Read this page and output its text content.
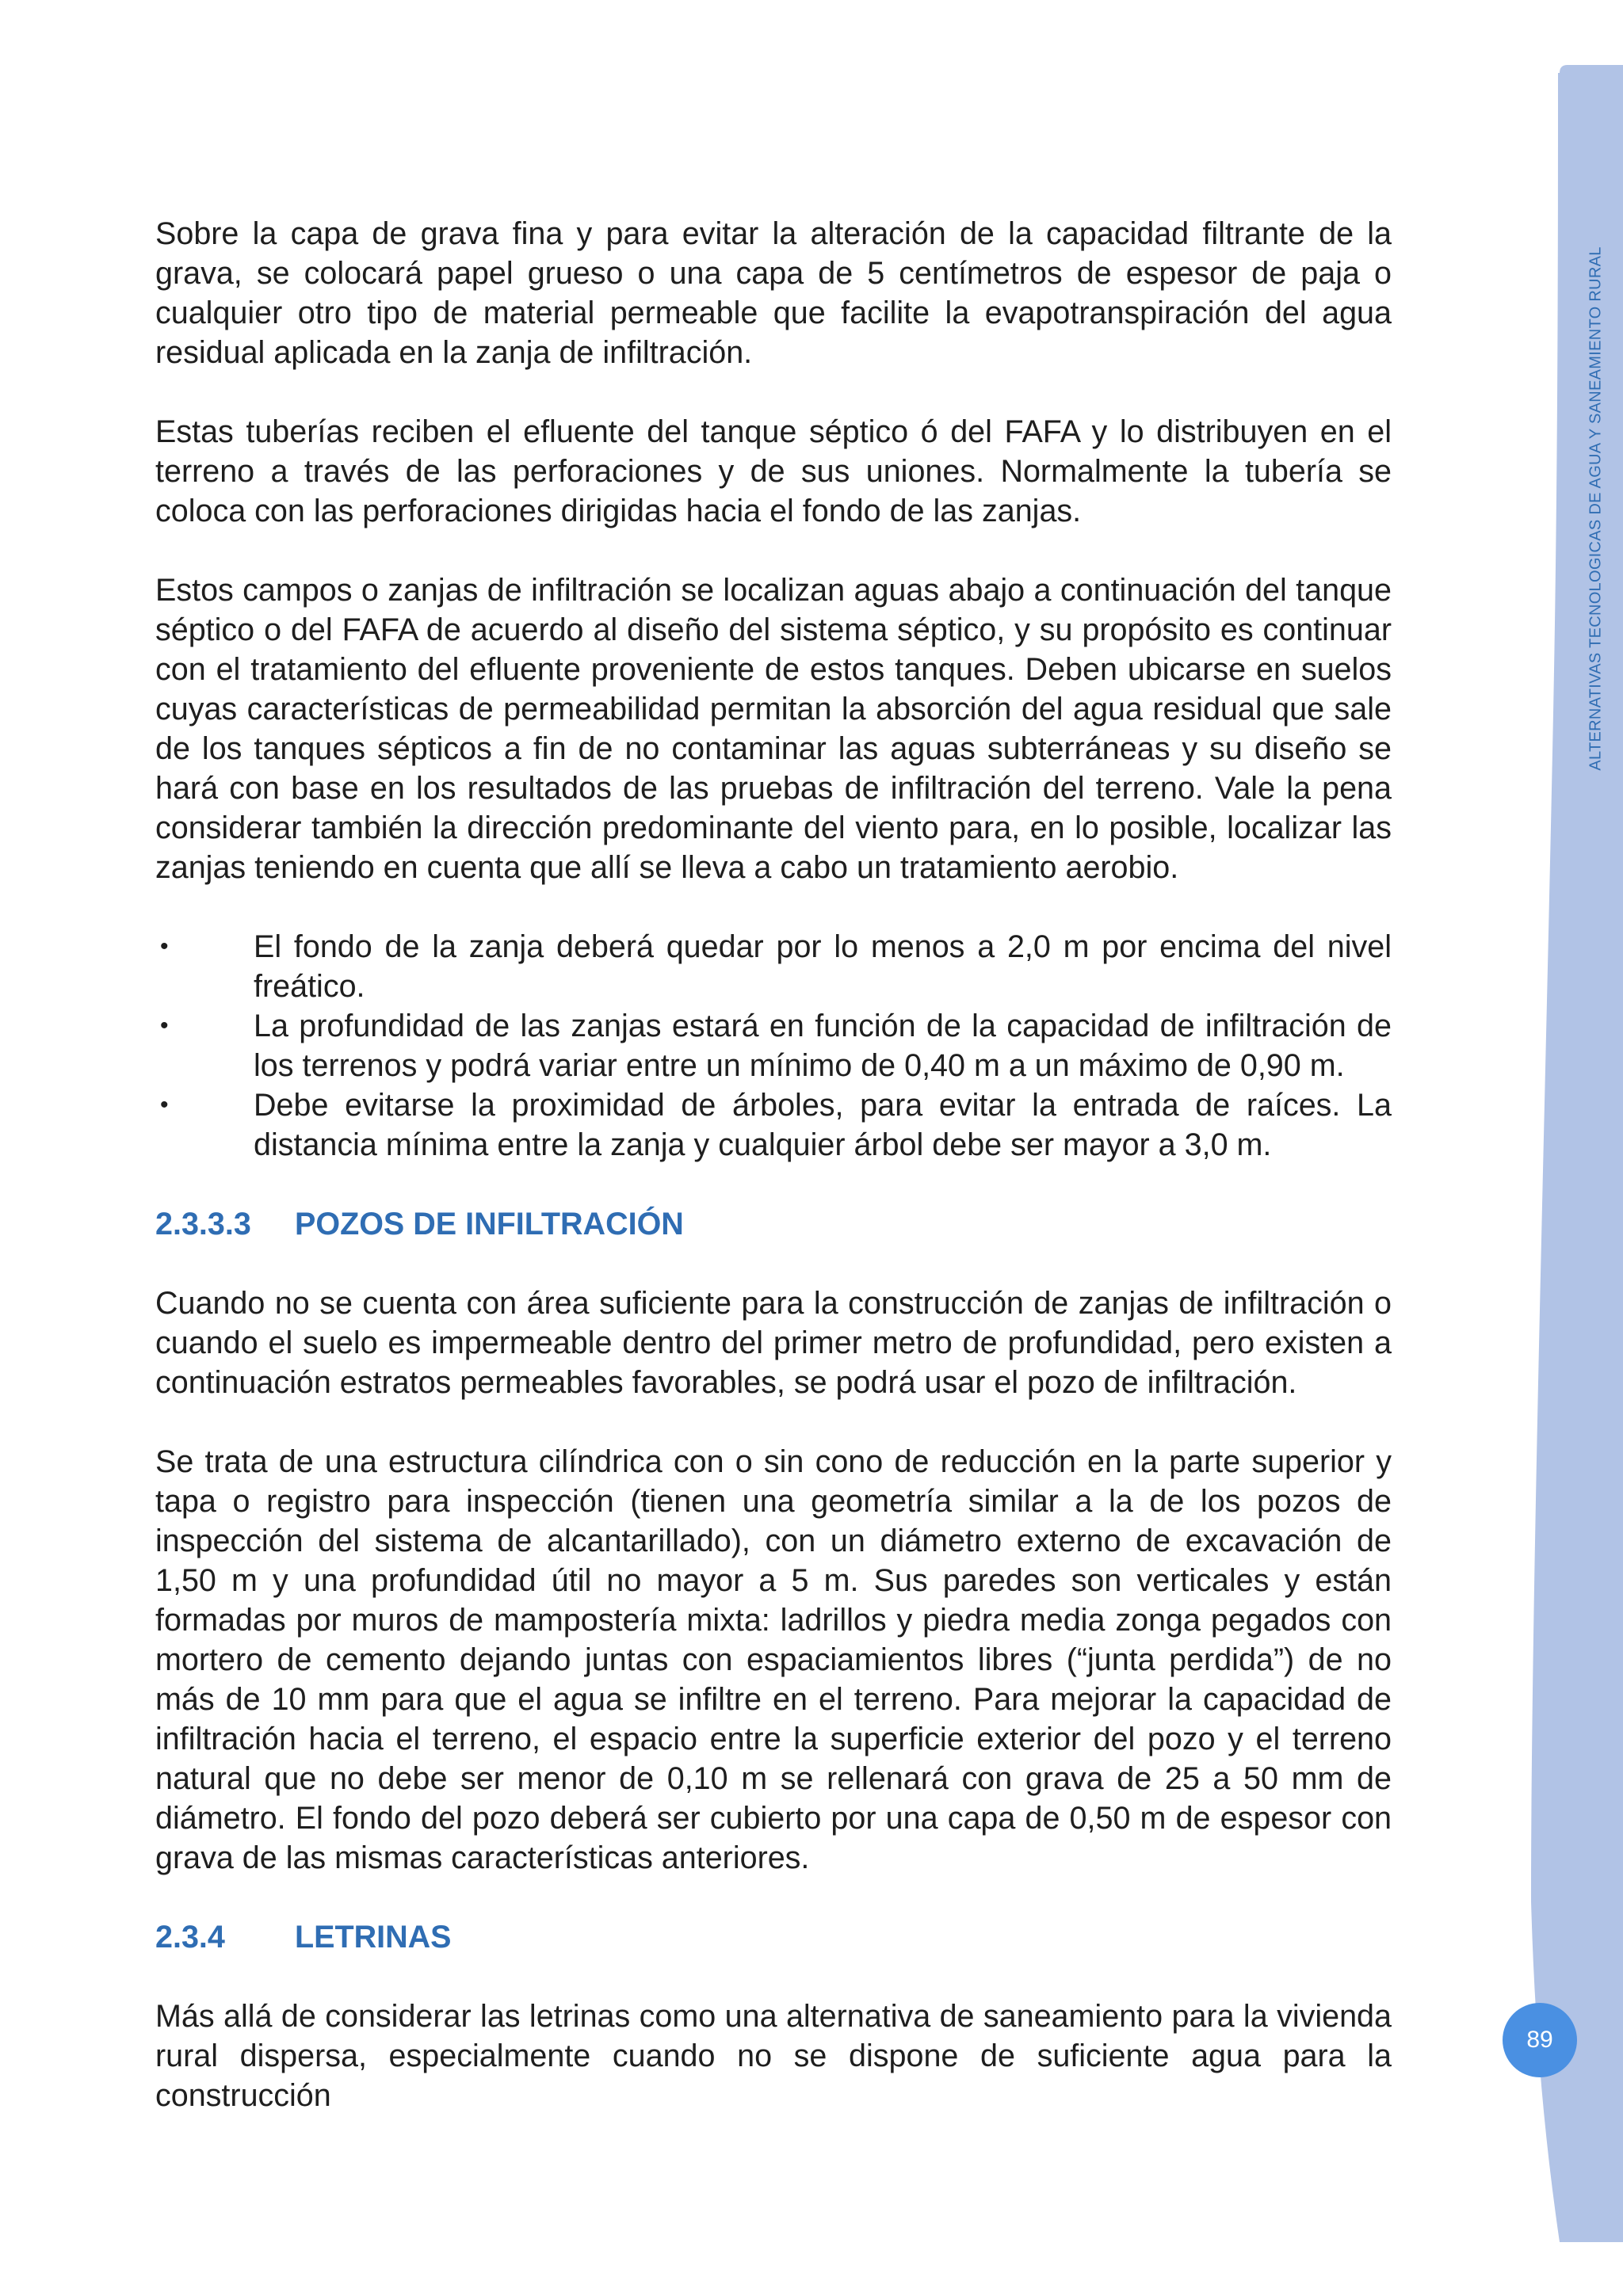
ALTERNATIVAS TECNOLOGICAS DE AGUA Y SANEAMIENTO RURAL
89

Sobre la capa de grava fina y para evitar la alteración de la capacidad filtrante de la grava, se colocará papel grueso o una capa de 5 centímetros de espesor de paja o cualquier otro tipo de material permeable que facilite la evapotranspiración del agua residual aplicada en la zanja de infiltración.

Estas tuberías reciben el efluente del tanque séptico ó del FAFA y lo distribuyen en el terreno a través de las perforaciones y de sus uniones. Normalmente la tubería se coloca con las perforaciones dirigidas hacia el fondo de las zanjas.

Estos campos o zanjas de infiltración se localizan aguas abajo a continuación del tanque séptico o del FAFA de acuerdo al diseño del sistema séptico, y su propósito es continuar con el tratamiento del efluente proveniente de estos tanques. Deben ubicarse en suelos cuyas características de permeabilidad permitan la absorción del agua residual que sale de los tanques sépticos a fin de no contaminar las aguas subterráneas y su diseño se hará con base en los resultados de las pruebas de infiltración del terreno. Vale la pena considerar también la dirección predominante del viento para, en lo posible, localizar las zanjas teniendo en cuenta que allí se lleva a cabo un tratamiento aerobio.

•	El fondo de la zanja deberá quedar por lo menos a 2,0 m por encima del nivel freático.
•	La profundidad de las zanjas estará en función de la capacidad de infiltración de los terrenos y podrá variar entre un mínimo de 0,40 m a un máximo de 0,90 m.
•	Debe evitarse la proximidad de árboles, para evitar la entrada de raíces. La distancia mínima entre la zanja y cualquier árbol debe ser mayor a 3,0 m.
2.3.3.3 POZOS DE INFILTRACIÓN

Cuando no se cuenta con área suficiente para la construcción de zanjas de infiltración o cuando el suelo es impermeable dentro del primer metro de profundidad, pero existen a continuación estratos permeables favorables, se podrá usar el pozo de infiltración.

Se trata de una estructura cilíndrica con o sin cono de reducción en la parte superior y tapa o registro para inspección (tienen una geometría similar a la de los pozos de inspección del sistema de alcantarillado), con un diámetro externo de excavación de 1,50 m y una profundidad útil no mayor a 5 m. Sus paredes son verticales y están formadas por muros de mampostería mixta: ladrillos y piedra media zonga pegados con mortero de cemento dejando juntas con espaciamientos libres (“junta perdida”) de no más de 10 mm para que el agua se infiltre en el terreno. Para mejorar la capacidad de infiltración hacia el terreno, el espacio entre la superficie exterior del pozo y el terreno natural que no debe ser menor de 0,10 m se rellenará con grava de 25 a 50 mm de diámetro. El fondo del pozo deberá ser cubierto por una capa de 0,50 m de espesor con grava de las mismas características anteriores.

2.3.4 LETRINAS

Más allá de considerar las letrinas como una alternativa de saneamiento para la vivienda rural dispersa, especialmente cuando no se dispone de suficiente agua para la construcción
